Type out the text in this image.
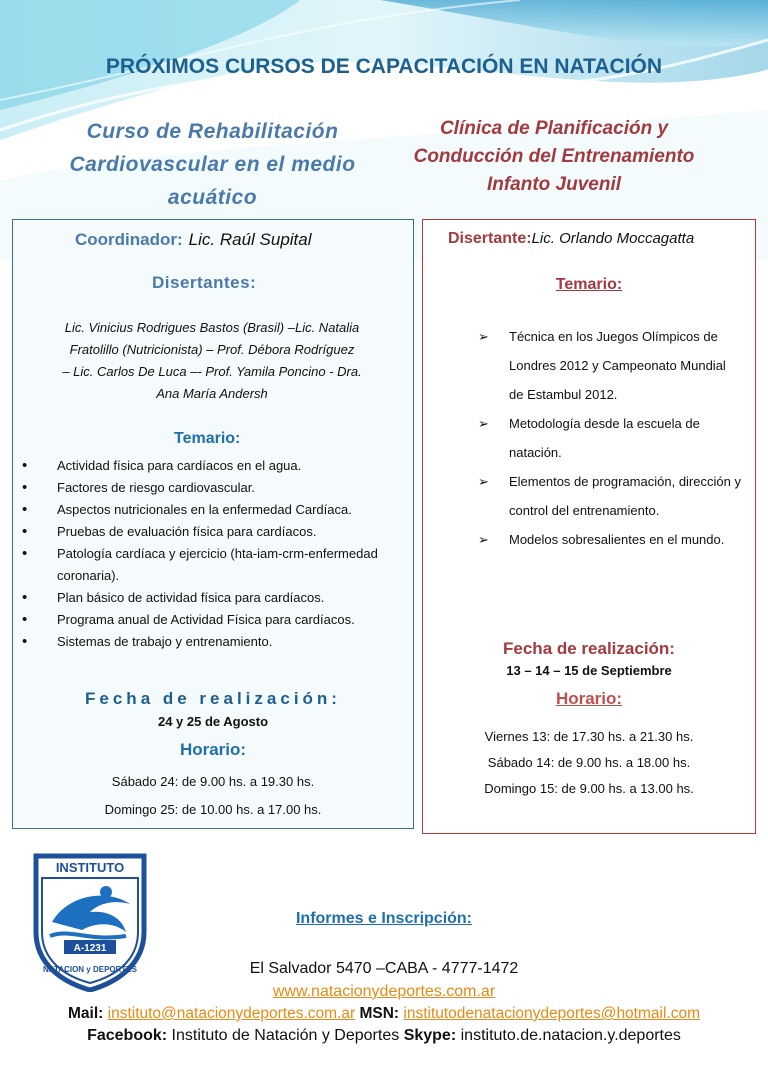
PRÓXIMOS CURSOS DE CAPACITACIÓN EN NATACIÓN
Curso de Rehabilitación
Cardiovascular en el medio
acuático
Clínica de Planificación y
Conducción del Entrenamiento
Infanto Juvenil
Coordinador: Lic. Raúl Supital
Disertantes:
Lic. Vinicius Rodrigues Bastos (Brasil) –Lic. Natalia
Fratolillo (Nutricionista) – Prof. Débora Rodríguez
– Lic. Carlos De Luca –- Prof. Yamila Poncino - Dra.
Ana María Andersh
Temario:
• Actividad física para cardíacos en el agua.
• Factores de riesgo cardiovascular.
• Aspectos nutricionales en la enfermedad Cardíaca.
• Pruebas de evaluación física para cardíacos.
• Patología cardíaca y ejercicio (hta-iam-crm-enfermedad coronaria).
• Plan básico de actividad física para cardíacos.
• Programa anual de Actividad Física para cardíacos.
• Sistemas de trabajo y entrenamiento.
Fecha de realización:
24 y 25 de Agosto
Horario:
Sábado 24: de 9.00 hs. a 19.30 hs.
Domingo 25: de 10.00 hs. a 17.00 hs.
Disertante:Lic. Orlando Moccagatta
Temario:
➢ Técnica en los Juegos Olímpicos de Londres 2012 y Campeonato Mundial de Estambul 2012.
➢ Metodología desde la escuela de natación.
➢ Elementos de programación, dirección y control del entrenamiento.
➢ Modelos sobresalientes en el mundo.
Fecha de realización:
13 – 14 – 15 de Septiembre
Horario:
Viernes 13: de 17.30 hs. a 21.30 hs.
Sábado 14: de 9.00 hs. a 18.00 hs.
Domingo 15: de 9.00 hs. a 13.00 hs.
INSTITUTO
A-1231
NATACION y DEPORTES
Informes e Inscripción:
El Salvador 5470 –CABA - 4777-1472
www.natacionydeportes.com.ar
Mail: instituto@natacionydeportes.com.ar MSN: institutodenatacionydeportes@hotmail.com
Facebook: Instituto de Natación y Deportes Skype: instituto.de.natacion.y.deportes
